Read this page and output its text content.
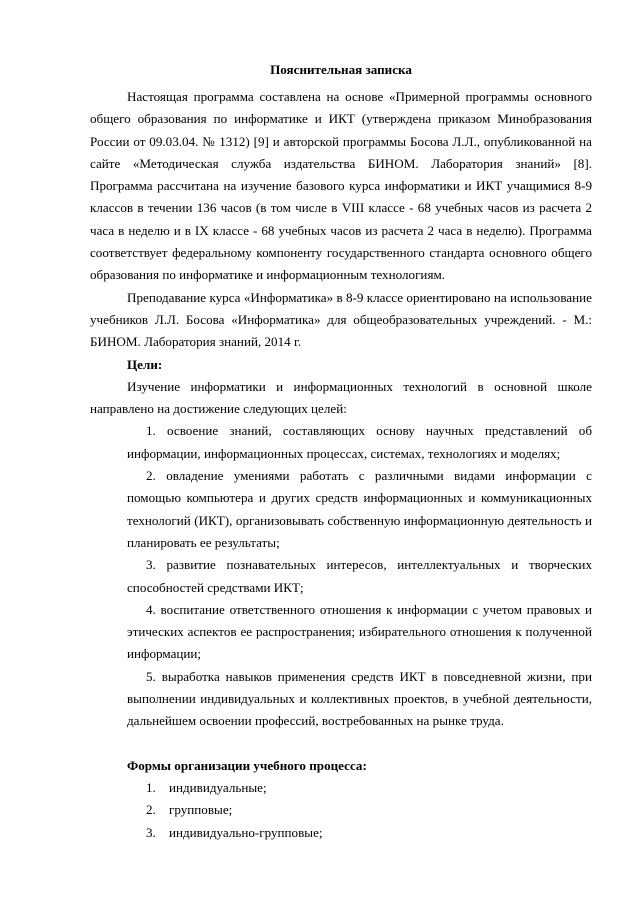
Пояснительная записка

Настоящая программа составлена на основе «Примерной программы основного общего образования по информатике и ИКТ (утверждена приказом Минобразования России от 09.03.04. № 1312) [9] и авторской программы Босова Л.Л., опубликованной на сайте «Методическая служба издательства БИНОМ. Лаборатория знаний» [8]. Программа рассчитана на изучение базового курса информатики и ИКТ учащимися 8-9 классов в течении 136 часов (в том числе в VIII классе - 68 учебных часов из расчета 2 часа в неделю и в IX классе - 68 учебных часов из расчета 2 часа в неделю). Программа соответствует федеральному компоненту государственного стандарта основного общего образования по информатике и информационным технологиям.

Преподавание курса «Информатика» в 8-9 классе ориентировано на использование учебников Л.Л. Босова «Информатика» для общеобразовательных учреждений. - М.: БИНОМ. Лаборатория знаний, 2014 г.

Цели:

Изучение информатики и информационных технологий в основной школе направлено на достижение следующих целей:

1. освоение знаний, составляющих основу научных представлений об информации, информационных процессах, системах, технологиях и моделях;
2. овладение умениями работать с различными видами информации с помощью компьютера и других средств информационных и коммуникационных технологий (ИКТ), организовывать собственную информационную деятельность и планировать ее результаты;
3. развитие познавательных интересов, интеллектуальных и творческих способностей средствами ИКТ;
4. воспитание ответственного отношения к информации с учетом правовых и этических аспектов ее распространения; избирательного отношения к полученной информации;
5. выработка навыков применения средств ИКТ в повседневной жизни, при выполнении индивидуальных и коллективных проектов, в учебной деятельности, дальнейшем освоении профессий, востребованных на рынке труда.
Формы организации учебного процесса:
1.	индивидуальные;
2.	групповые;
3.	индивидуально-групповые;
